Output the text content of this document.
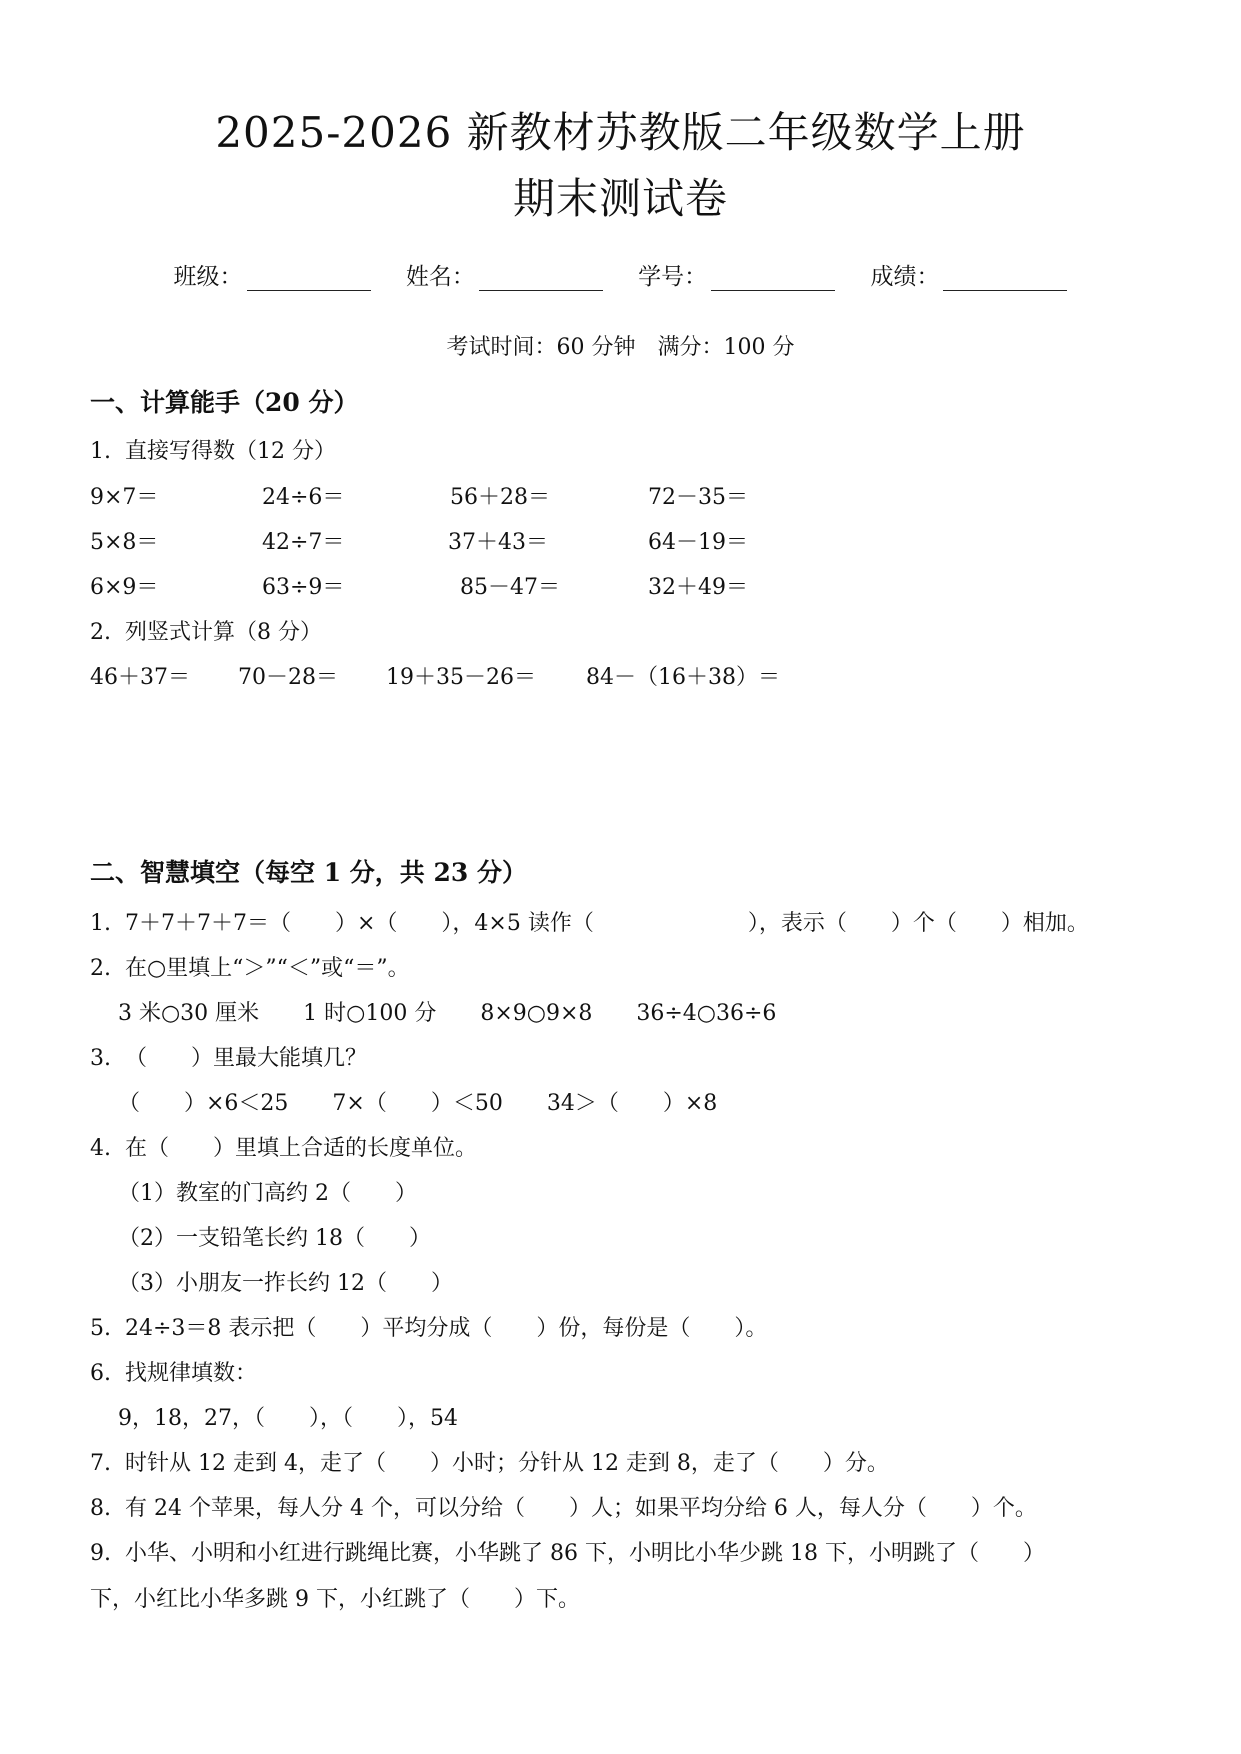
2025-2026 新教材苏教版二年级数学上册
期末测试卷
班级：	姓名：	学号：	成绩：
考试时间：60 分钟　满分：100 分
一、计算能手（20 分）
1.  直接写得数（12 分）
9×7＝	24÷6＝	56＋28＝	72－35＝
5×8＝	42÷7＝	37＋43＝	64－19＝
6×9＝	63÷9＝	85－47＝	32＋49＝
2.  列竖式计算（8 分）
46＋37＝ 70－28＝ 19＋35－26＝ 84－（16＋38）＝
二、智慧填空（每空 1 分，共 23 分）
1.  7＋7＋7＋7＝（　　）×（　　），4×5 读作（　　　　　　　），表示（　　）个（　　）相加。
2.  在○里填上“＞”“＜”或“＝”。
3 米○30 厘米　　1 时○100 分　　8×9○9×8　　36÷4○36÷6
3.  （　　）里最大能填几？
（　　）×6＜25　　7×（　　）＜50　　34＞（　　）×8
4.  在（　　）里填上合适的长度单位。
（1）教室的门高约 2（　　）
（2）一支铅笔长约 18（　　）
（3）小朋友一拃长约 12（　　）
5.  24÷3＝8 表示把（　　）平均分成（　　）份，每份是（　　）。
6.  找规律填数：
9，18，27，（　　），（　　），54
7.  时针从 12 走到 4，走了（　　）小时；分针从 12 走到 8，走了（　　）分。
8.  有 24 个苹果，每人分 4 个，可以分给（　　）人；如果平均分给 6 人，每人分（　　）个。
9.  小华、小明和小红进行跳绳比赛，小华跳了 86 下，小明比小华少跳 18 下，小明跳了（　　）
下，小红比小华多跳 9 下，小红跳了（　　）下。
